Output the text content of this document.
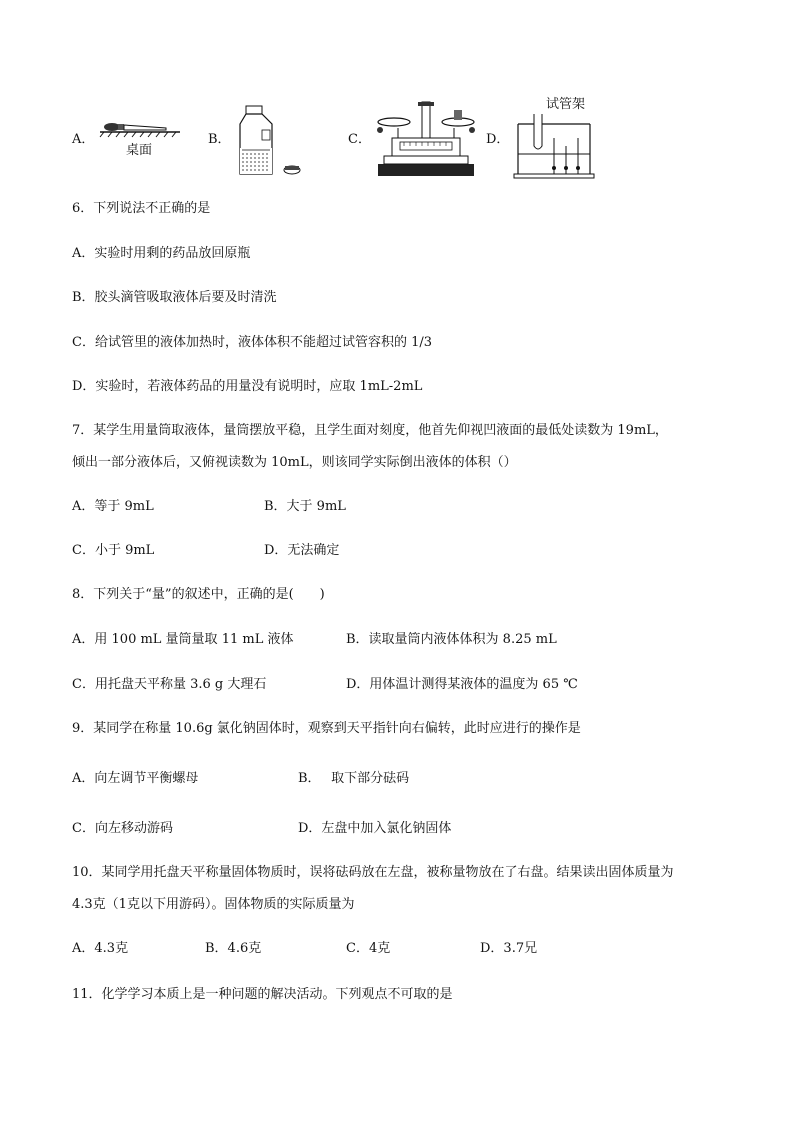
A．
桌面
B．	C．	D．
试管架
6．下列说法不正确的是
A．实验时用剩的药品放回原瓶
B．胶头滴管吸取液体后要及时清洗
C．给试管里的液体加热时，液体体积不能超过试管容积的 1/3
D．实验时，若液体药品的用量没有说明时，应取 1mL-2mL
7．某学生用量筒取液体，量筒摆放平稳，且学生面对刻度，他首先仰视凹液面的最低处读数为 19mL，
倾出一部分液体后，又俯视读数为 10mL，则该同学实际倒出液体的体积（）
A．等于 9mL	B．大于 9mL
C．小于 9mL	D．无法确定
8．下列关于“量”的叙述中，正确的是(　　)
A．用 100 mL 量筒量取 11 mL 液体	B．读取量筒内液体体积为 8.25 mL
C．用托盘天平称量 3.6 g 大理石	D．用体温计测得某液体的温度为 65 ℃
9．某同学在称量 10.6g 氯化钠固体时，观察到天平指针向右偏转，此时应进行的操作是
A．向左调节平衡螺母	B．　 取下部分砝码
C．向左移动游码	D．左盘中加入氯化钠固体
10．某同学用托盘天平称量固体物质时，误将砝码放在左盘，被称量物放在了右盘。结果读出固体质量为
4.3克（1克以下用游码）。固体物质的实际质量为
A．4.3克	B．4.6克	C．4克	D．3.7兄
11．化学学习本质上是一种问题的解决活动。下列观点不可取的是
